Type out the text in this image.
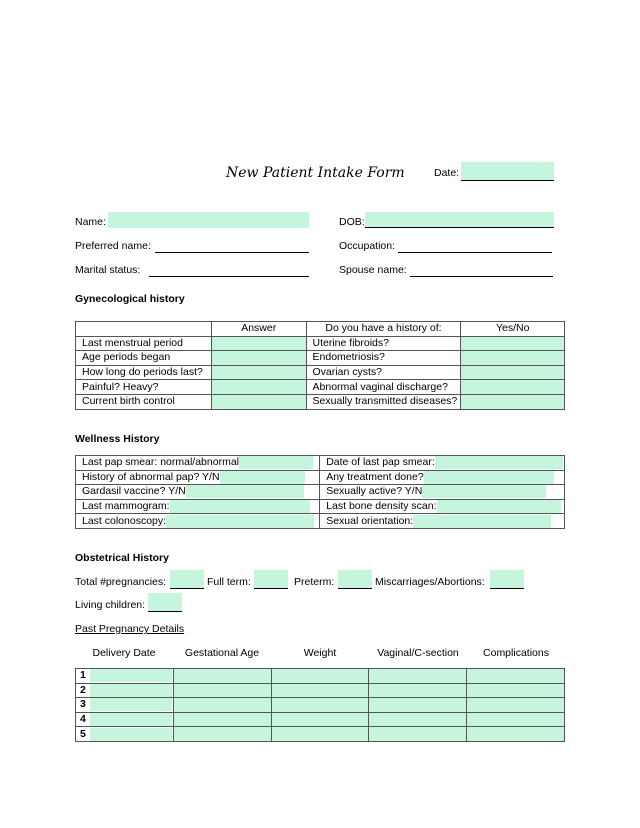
New Patient Intake Form	Date:
Name:	DOB:
Preferred name:	Occupation:
Marital status:	Spouse name:
Gynecological history
	Answer	Do you have a history of:	Yes/No
Last menstrual period		Uterine fibroids?	
Age periods began		Endometriosis?	
How long do periods last?		Ovarian cysts?	
Painful? Heavy?		Abnormal vaginal discharge?	
Current birth control		Sexually transmitted diseases?	
Wellness History
Last pap smear: normal/abnormal	Date of last pap smear:
History of abnormal pap? Y/N	Any treatment done?
Gardasil vaccine? Y/N	Sexually active? Y/N
Last mammogram:	Last bone density scan:
Last colonoscopy:	Sexual orientation:
Obstetrical History
Total #pregnancies:	Full term:	Preterm:	Miscarriages/Abortions:
Living children:
Past Pregnancy Details
Delivery Date	Gestational Age	Weight	Vaginal/C-section	Complications
1				
2				
3				
4				
5				
